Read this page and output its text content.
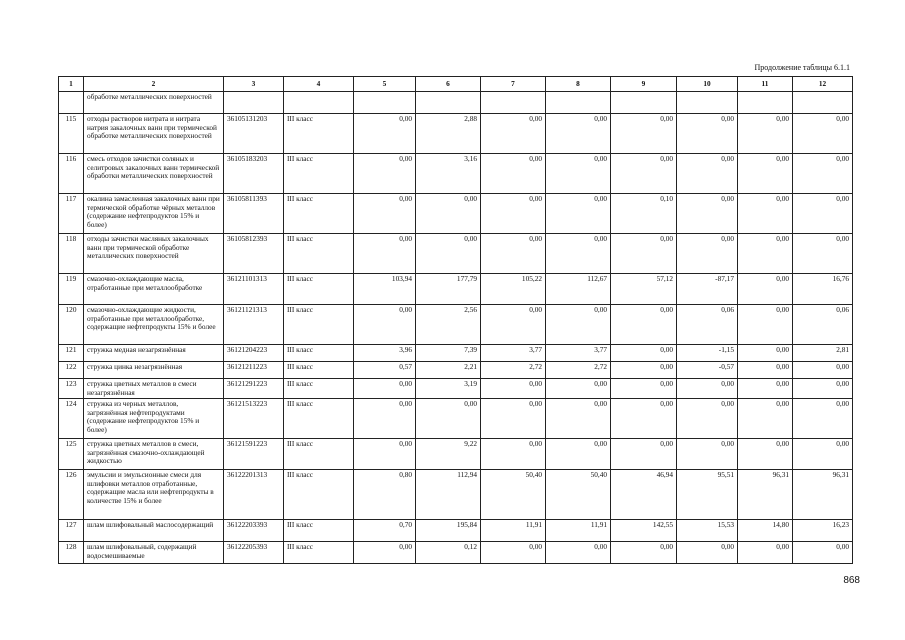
Продолжение таблицы 6.1.1
1	2	3	4	5	6	7	8	9	10	11	12
	обработке металлических поверхностей										
115	отходы растворов нитрата и нитрата натрия закалочных ванн при термической обработке металлических поверхностей	36105131203	III класс	0,00	2,88	0,00	0,00	0,00	0,00	0,00	0,00
116	смесь отходов зачистки соляных и селитровых закалочных ванн термической обработки металлических поверхностей	36105183203	III класс	0,00	3,16	0,00	0,00	0,00	0,00	0,00	0,00
117	окалина замасленная закалочных ванн при термической обработке чёрных металлов (содержание нефтепродуктов 15% и более)	36105811393	III класс	0,00	0,00	0,00	0,00	0,10	0,00	0,00	0,00
118	отходы зачистки масляных закалочных ванн при термической обработке металлических поверхностей	36105812393	III класс	0,00	0,00	0,00	0,00	0,00	0,00	0,00	0,00
119	смазочно-охлаждающие масла, отработанные при металлообработке	36121101313	III класс	103,94	177,79	105,22	112,67	57,12	-87,17	0,00	16,76
120	смазочно-охлаждающие жидкости, отработанные при металлообработке, содержащие нефтепродукты 15% и более	36121121313	III класс	0,00	2,56	0,00	0,00	0,00	0,06	0,00	0,06
121	стружка медная незагрязнённая	36121204223	III класс	3,96	7,39	3,77	3,77	0,00	-1,15	0,00	2,81
122	стружка цинка незагрязнённая	36121211223	III класс	0,57	2,21	2,72	2,72	0,00	-0,57	0,00	0,00
123	стружка цветных металлов в смеси незагрязнённая	36121291223	III класс	0,00	3,19	0,00	0,00	0,00	0,00	0,00	0,00
124	стружка из черных металлов, загрязнённая нефтепродуктами (содержание нефтепродуктов 15% и более)	36121513223	III класс	0,00	0,00	0,00	0,00	0,00	0,00	0,00	0,00
125	стружка цветных металлов в смеси, загрязнённая смазочно-охлаждающей жидкостью	36121591223	III класс	0,00	9,22	0,00	0,00	0,00	0,00	0,00	0,00
126	эмульсии и эмульсионные смеси для шлифовки металлов отработанные, содержащие масла или нефтепродукты в количестве 15% и более	36122201313	III класс	0,80	112,94	50,40	50,40	46,94	95,51	96,31	96,31
127	шлам шлифовальный маслосодержащий	36122203393	III класс	0,70	195,84	11,91	11,91	142,55	15,53	14,80	16,23
128	шлам шлифовальный, содержащий водосмешиваемые	36122205393	III класс	0,00	0,12	0,00	0,00	0,00	0,00	0,00	0,00
868
